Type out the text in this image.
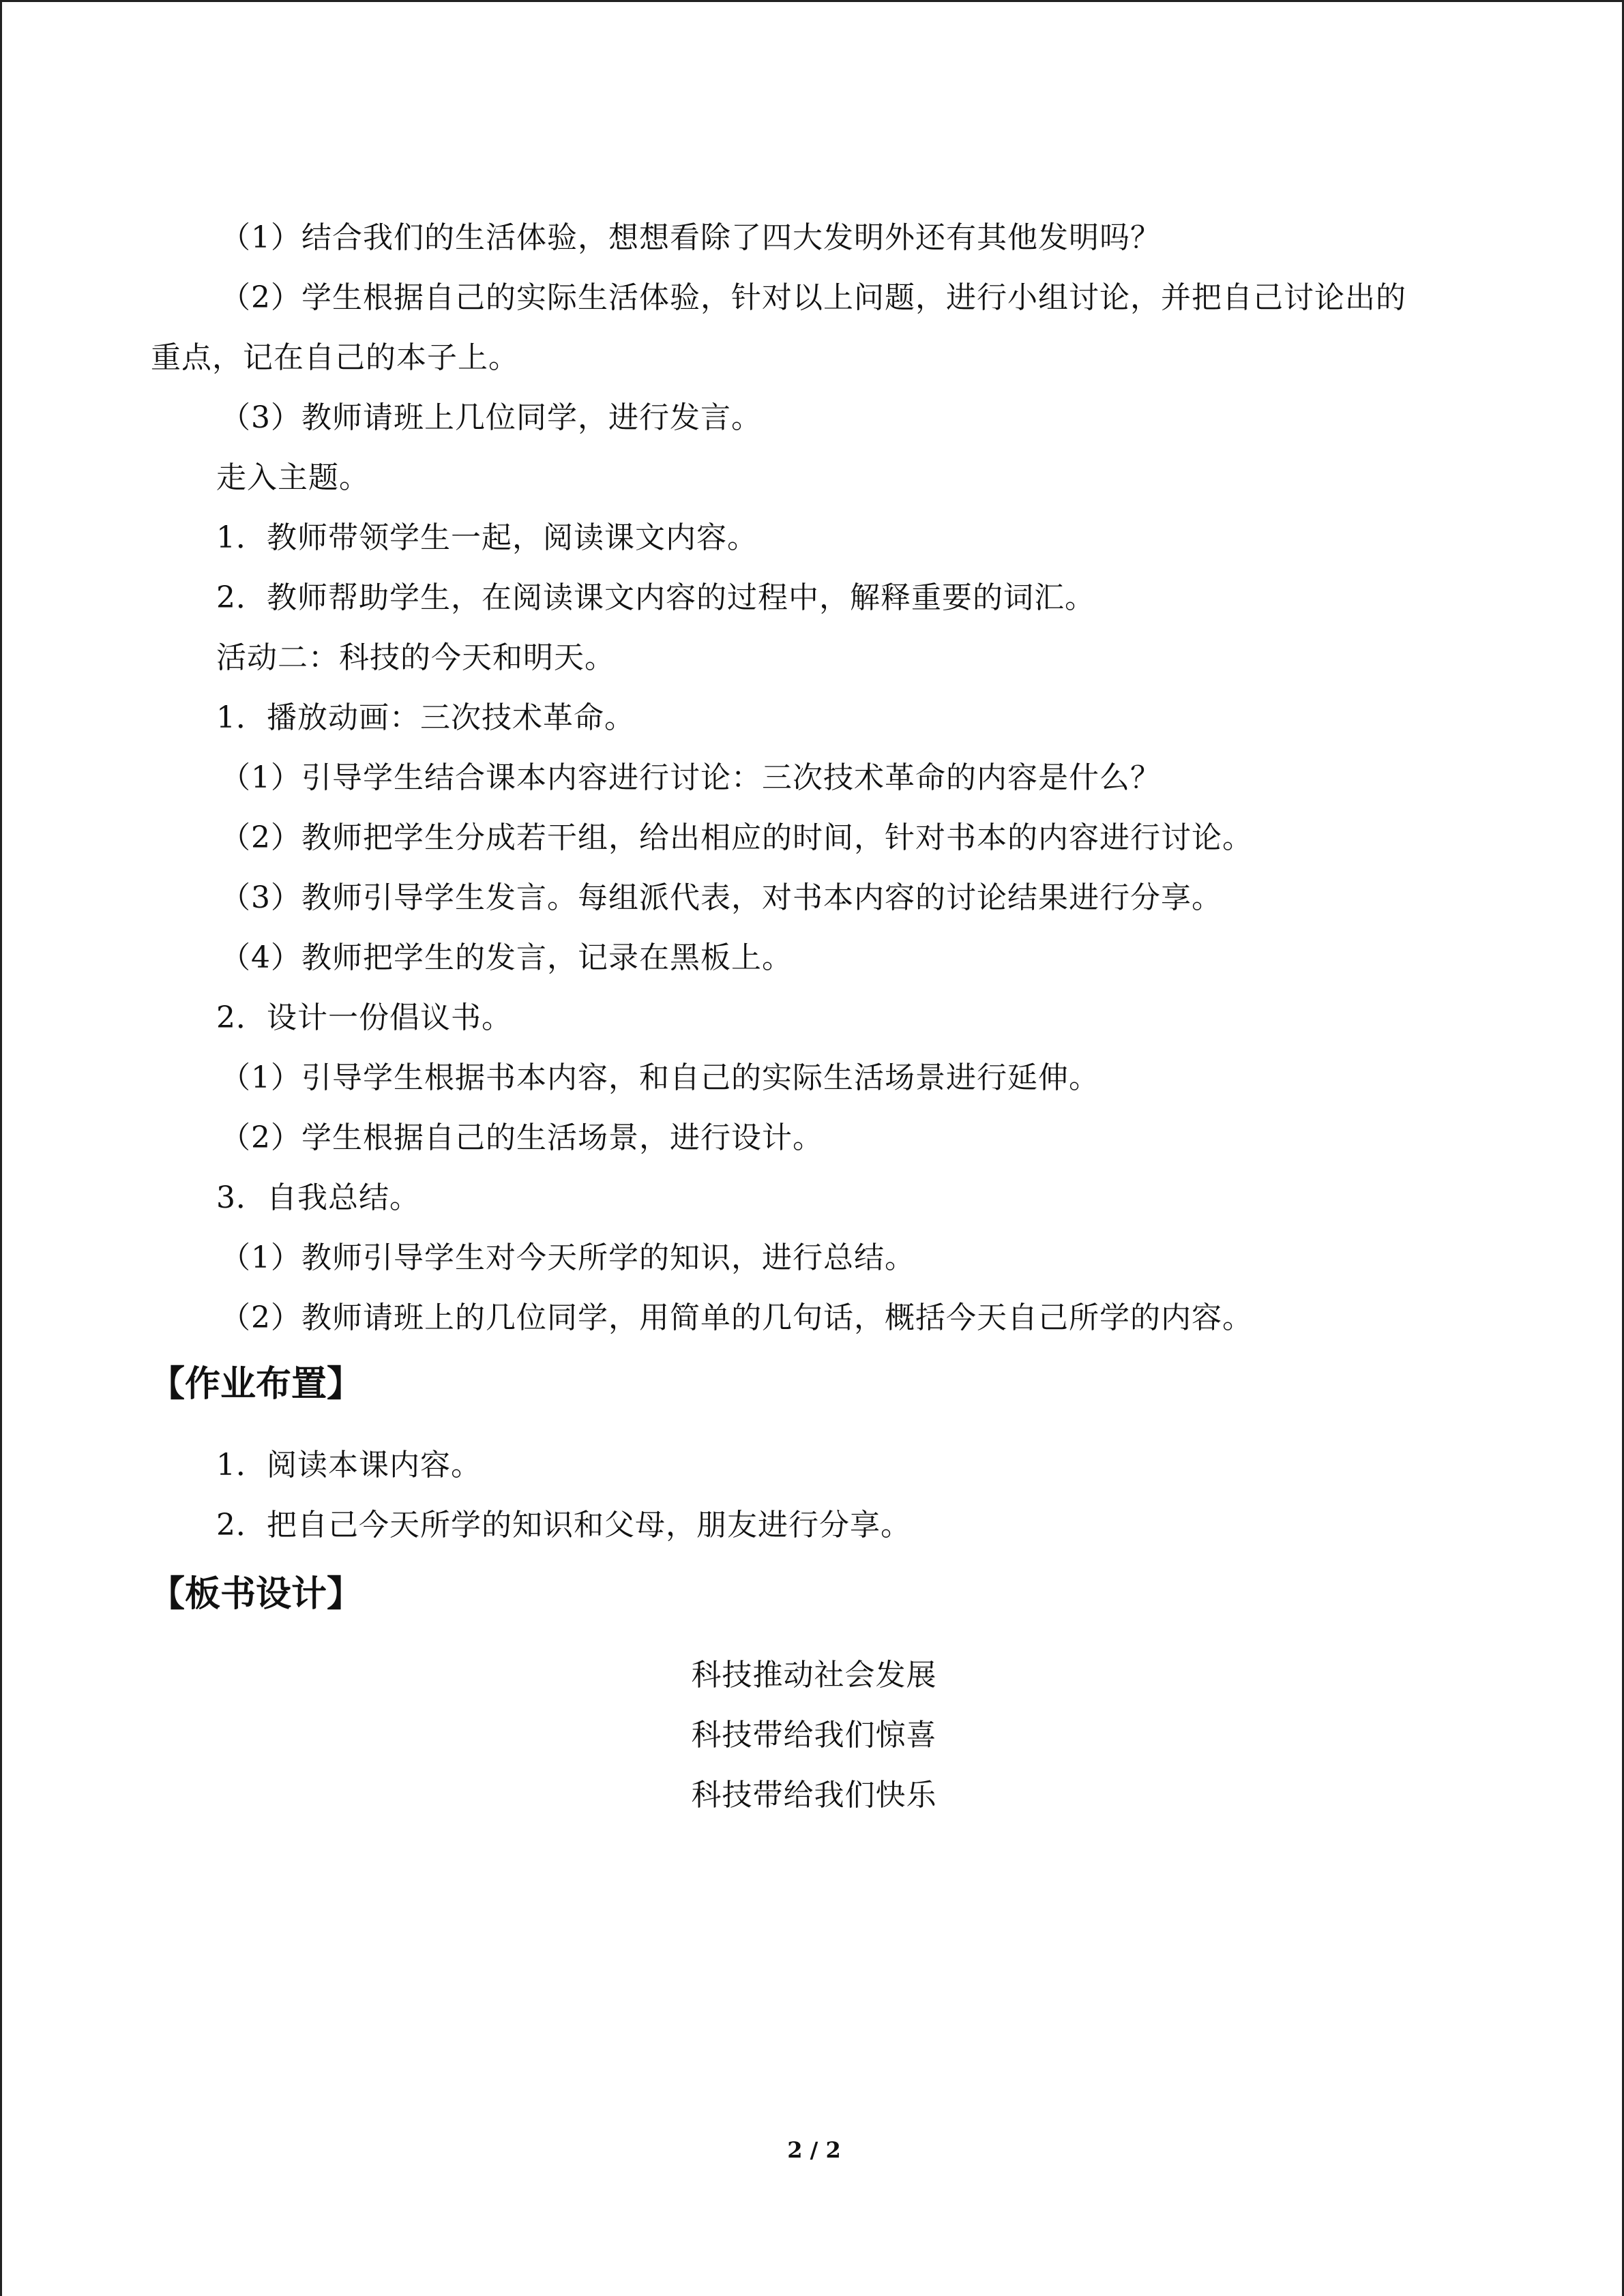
（1）结合我们的生活体验，想想看除了四大发明外还有其他发明吗？
（2）学生根据自己的实际生活体验，针对以上问题，进行小组讨论，并把自己讨论出的
重点，记在自己的本子上。
（3）教师请班上几位同学，进行发言。
走入主题。
1．教师带领学生一起，阅读课文内容。
2．教师帮助学生，在阅读课文内容的过程中，解释重要的词汇。
活动二：科技的今天和明天。
1．播放动画：三次技术革命。
（1）引导学生结合课本内容进行讨论：三次技术革命的内容是什么？
（2）教师把学生分成若干组，给出相应的时间，针对书本的内容进行讨论。
（3）教师引导学生发言。每组派代表，对书本内容的讨论结果进行分享。
（4）教师把学生的发言，记录在黑板上。
2．设计一份倡议书。
（1）引导学生根据书本内容，和自己的实际生活场景进行延伸。
（2）学生根据自己的生活场景，进行设计。
3．自我总结。
（1）教师引导学生对今天所学的知识，进行总结。
（2）教师请班上的几位同学，用简单的几句话，概括今天自己所学的内容。
【作业布置】
1．阅读本课内容。
2．把自己今天所学的知识和父母，朋友进行分享。
【板书设计】
科技推动社会发展
科技带给我们惊喜
科技带给我们快乐
2 / 2
